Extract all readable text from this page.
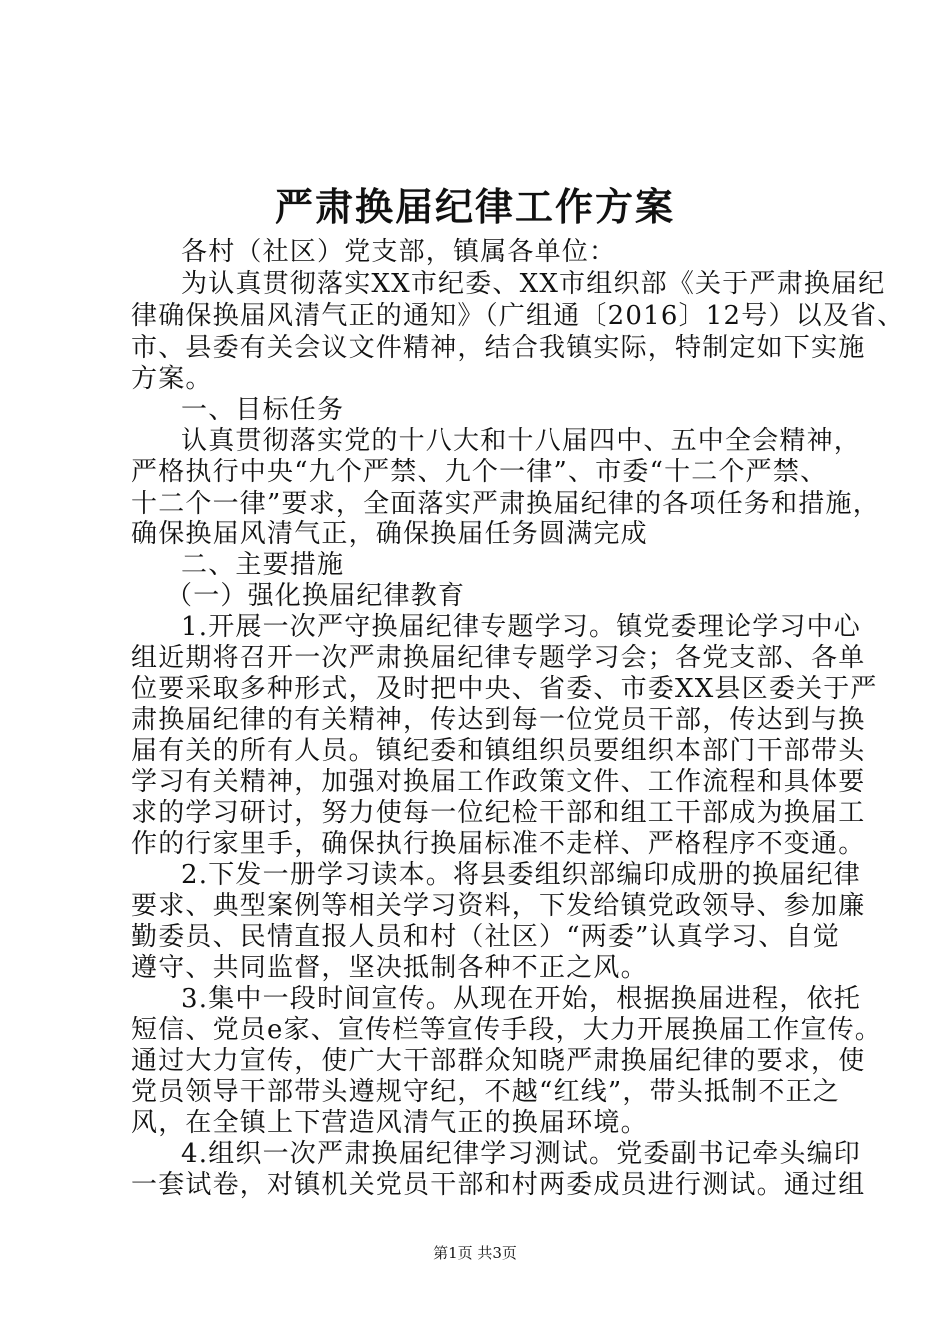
严肃换届纪律工作方案
各村（社区）党支部，镇属各单位：
为认真贯彻落实XX市纪委、XX市组织部《关于严肃换届纪
律确保换届风清气正的通知》（广组通〔2016〕12号）以及省、
市、县委有关会议文件精神，结合我镇实际，特制定如下实施
方案。
一、目标任务
认真贯彻落实党的十八大和十八届四中、五中全会精神，
严格执行中央“九个严禁、九个一律”、市委“十二个严禁、
十二个一律”要求，全面落实严肃换届纪律的各项任务和措施，
确保换届风清气正，确保换届任务圆满完成
二、主要措施
（一）强化换届纪律教育
1.开展一次严守换届纪律专题学习。镇党委理论学习中心
组近期将召开一次严肃换届纪律专题学习会；各党支部、各单
位要采取多种形式，及时把中央、省委、市委XX县区委关于严
肃换届纪律的有关精神，传达到每一位党员干部，传达到与换
届有关的所有人员。镇纪委和镇组织员要组织本部门干部带头
学习有关精神，加强对换届工作政策文件、工作流程和具体要
求的学习研讨，努力使每一位纪检干部和组工干部成为换届工
作的行家里手，确保执行换届标准不走样、严格程序不变通。
2.下发一册学习读本。将县委组织部编印成册的换届纪律
要求、典型案例等相关学习资料，下发给镇党政领导、参加廉
勤委员、民情直报人员和村（社区）“两委”认真学习、自觉
遵守、共同监督，坚决抵制各种不正之风。
3.集中一段时间宣传。从现在开始，根据换届进程，依托
短信、党员e家、宣传栏等宣传手段，大力开展换届工作宣传。
通过大力宣传，使广大干部群众知晓严肃换届纪律的要求，使
党员领导干部带头遵规守纪，不越“红线”，带头抵制不正之
风，在全镇上下营造风清气正的换届环境。
4.组织一次严肃换届纪律学习测试。党委副书记牵头编印
一套试卷，对镇机关党员干部和村两委成员进行测试。通过组
第1页 共3页
